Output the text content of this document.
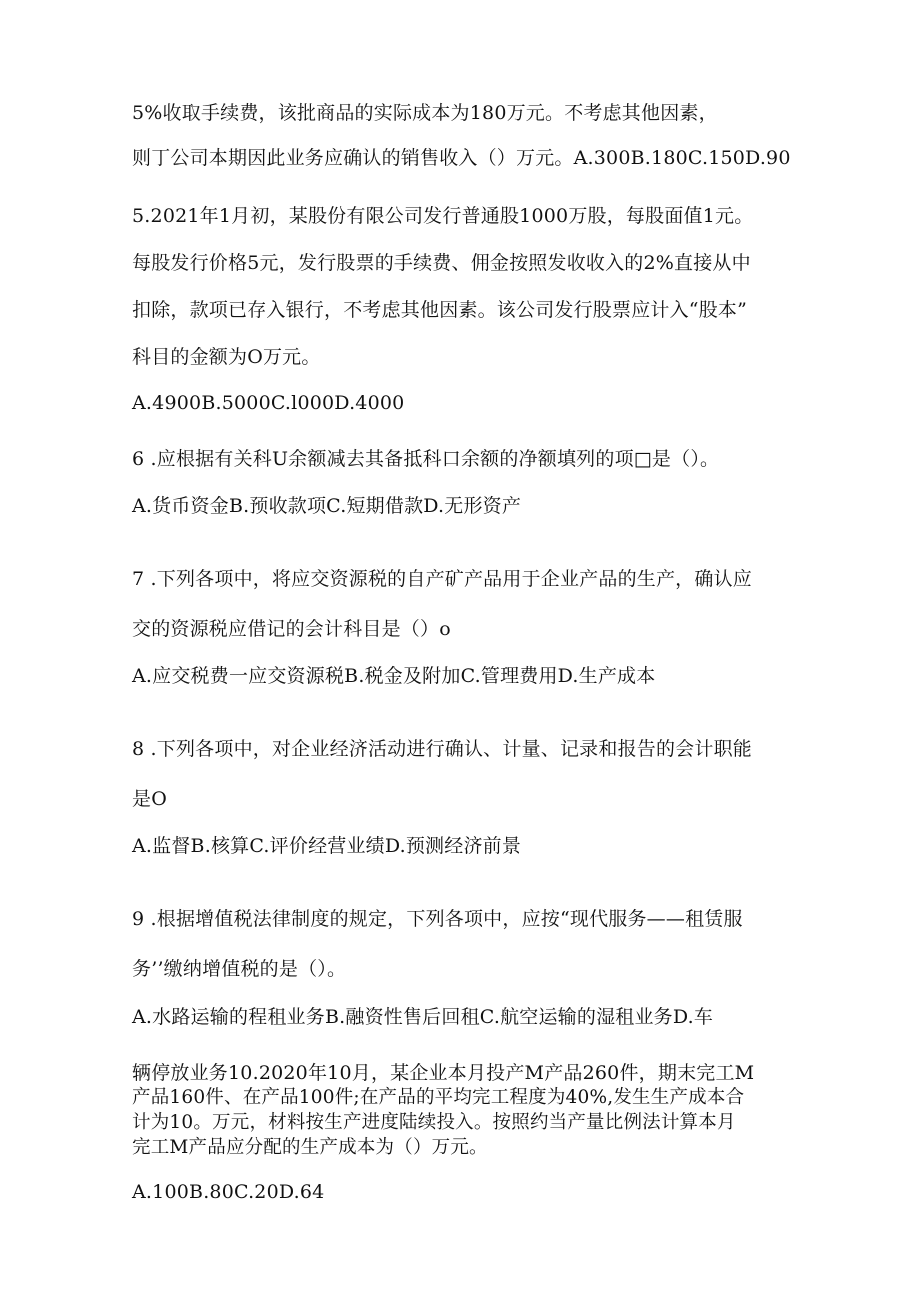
5%收取手续费，该批商品的实际成本为180万元。不考虑其他因素，
则丁公司本期因此业务应确认的销售收入（）万元。A.300B.180C.150D.90
5.2021年1月初，某股份有限公司发行普通股1000万股，每股面值1元。
每股发行价格5元，发行股票的手续费、佣金按照发收收入的2%直接从中
扣除，款项已存入银行，不考虑其他因素。该公司发行股票应计入“股本”
科目的金额为O万元。
A.4900B.5000C.l000D.4000
6 .应根据有关科U余额减去其备抵科口余额的净额填列的项□是（）。
A.货币资金B.预收款项C.短期借款D.无形资产
7 .下列各项中，将应交资源税的自产矿产品用于企业产品的生产，确认应
交的资源税应借记的会计科目是（）o
A.应交税费一应交资源税B.税金及附加C.管理费用D.生产成本
8 .下列各项中，对企业经济活动进行确认、计量、记录和报告的会计职能
是O
A.监督B.核算C.评价经营业绩D.预测经济前景
9 .根据增值税法律制度的规定，下列各项中，应按“现代服务——租赁服
务’’缴纳增值税的是（）。
A.水路运输的程租业务B.融资性售后回租C.航空运输的湿租业务D.车
辆停放业务10.2020年10月，某企业本月投产M产品260件，期末完工M
产品160件、在产品100件;在产品的平均完工程度为40%,发生生产成本合
计为10。万元，材料按生产进度陆续投入。按照约当产量比例法计算本月
完工M产品应分配的生产成本为（）万元。
A.100B.80C.20D.64
